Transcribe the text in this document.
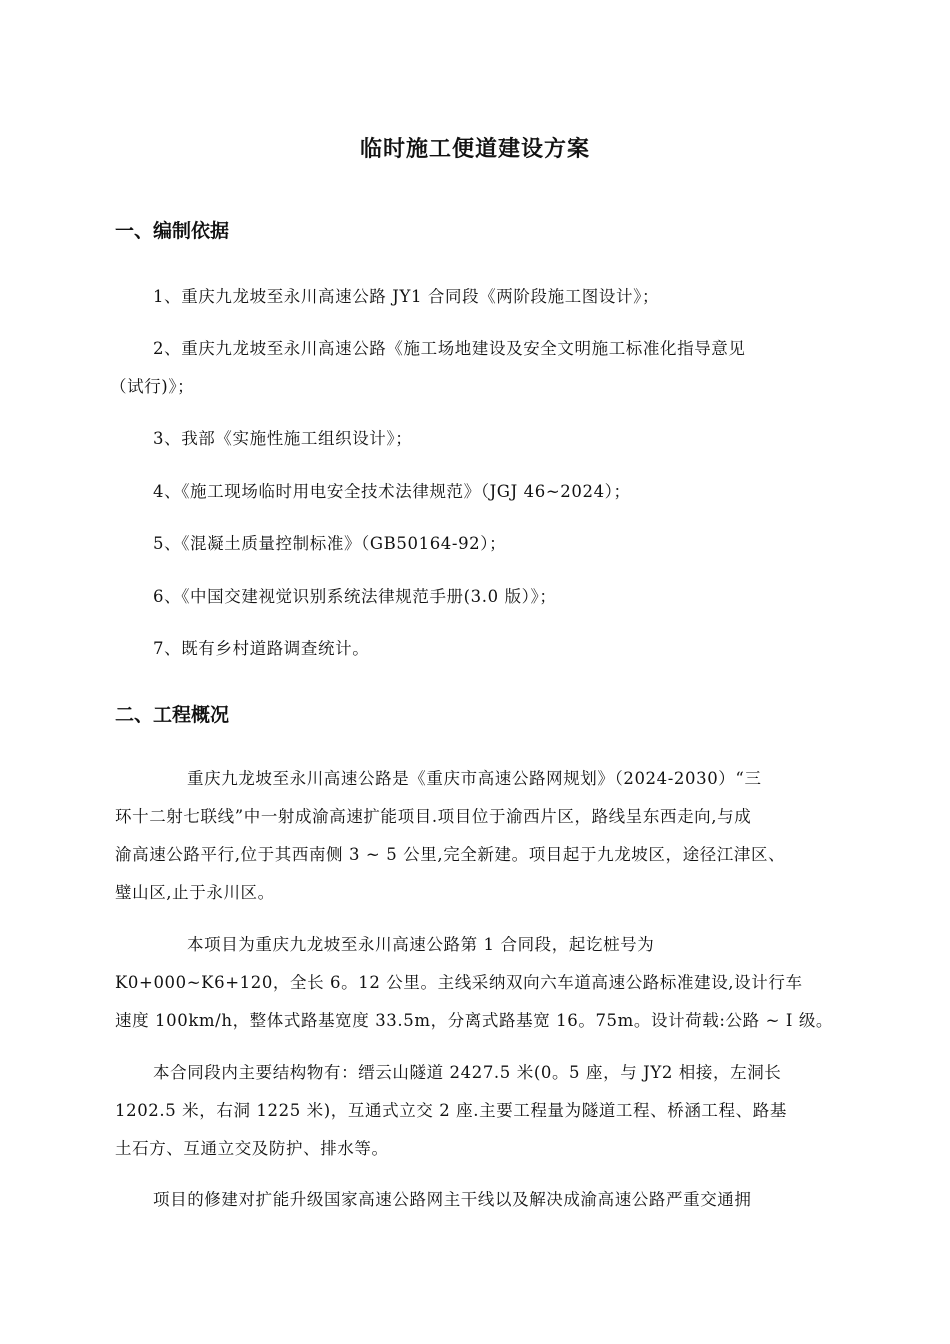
临时施工便道建设方案
一、编制依据
1、重庆九龙坡至永川高速公路 JY1 合同段《两阶段施工图设计》；
2、重庆九龙坡至永川高速公路《施工场地建设及安全文明施工标准化指导意见
（试行)》；
3、我部《实施性施工组织设计》；
4、《施工现场临时用电安全技术法律规范》（JGJ 46~2024）；
5、《混凝土质量控制标准》（GB50164-92）；
6、《中国交建视觉识别系统法律规范手册(3.0 版）》；
7、既有乡村道路调查统计。
二、工程概况
重庆九龙坡至永川高速公路是《重庆市高速公路网规划》（2024-2030）“三
环十二射七联线”中一射成渝高速扩能项目.项目位于渝西片区，路线呈东西走向,与成
渝高速公路平行,位于其西南侧 3 ~ 5 公里,完全新建。项目起于九龙坡区，途径江津区、
璧山区,止于永川区。
本项目为重庆九龙坡至永川高速公路第 1 合同段，起讫桩号为
K0+000~K6+120，全长 6。12 公里。主线采纳双向六车道高速公路标准建设,设计行车
速度 100km/h，整体式路基宽度 33.5m，分离式路基宽 16。75m。设计荷载:公路 ~ I 级。
本合同段内主要结构物有：缙云山隧道 2427.5 米(0。5 座，与 JY2 相接，左洞长
1202.5 米，右洞 1225 米)，互通式立交 2 座.主要工程量为隧道工程、桥涵工程、路基
土石方、互通立交及防护、排水等。
项目的修建对扩能升级国家高速公路网主干线以及解决成渝高速公路严重交通拥
